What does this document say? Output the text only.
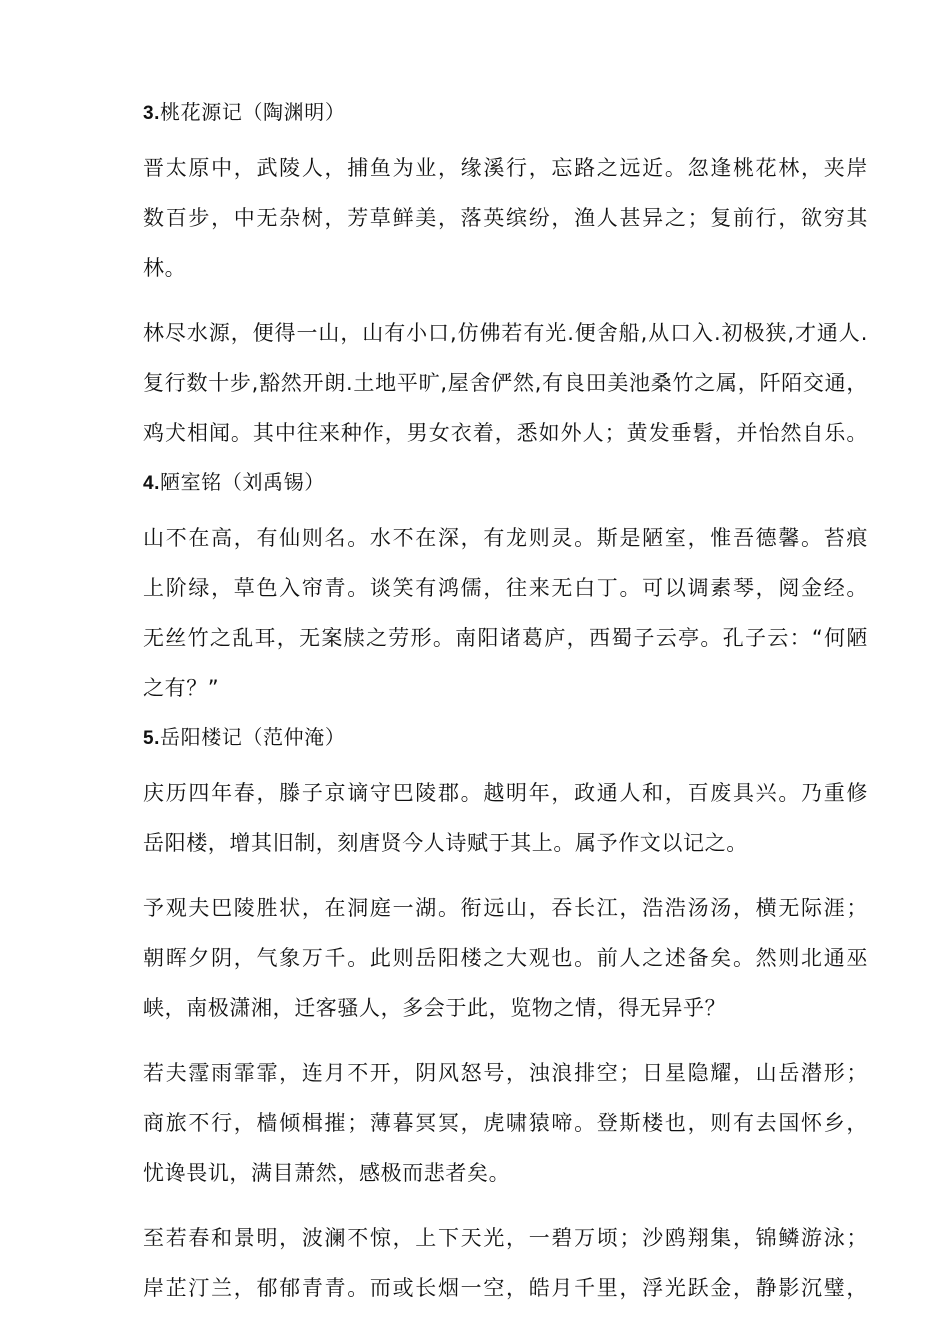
3.桃花源记（陶渊明）
晋太原中，武陵人，捕鱼为业，缘溪行，忘路之远近。忽逢桃花林，夹岸
数百步，中无杂树，芳草鲜美，落英缤纷，渔人甚异之；复前行，欲穷其
林。
林尽水源，便得一山，山有小口,仿佛若有光.便舍船,从口入.初极狭,才通人.
复行数十步,豁然开朗.土地平旷,屋舍俨然,有良田美池桑竹之属，阡陌交通，
鸡犬相闻。其中往来种作，男女衣着，悉如外人；黄发垂髫，并怡然自乐。
4.陋室铭（刘禹锡）
山不在高，有仙则名。水不在深，有龙则灵。斯是陋室，惟吾德馨。苔痕
上阶绿，草色入帘青。谈笑有鸿儒，往来无白丁。可以调素琴，阅金经。
无丝竹之乱耳，无案牍之劳形。南阳诸葛庐，西蜀子云亭。孔子云：“何陋
之有？”
5.岳阳楼记（范仲淹）
庆历四年春，滕子京谪守巴陵郡。越明年，政通人和，百废具兴。乃重修
岳阳楼，增其旧制，刻唐贤今人诗赋于其上。属予作文以记之。
予观夫巴陵胜状，在洞庭一湖。衔远山，吞长江，浩浩汤汤，横无际涯；
朝晖夕阴，气象万千。此则岳阳楼之大观也。前人之述备矣。然则北通巫
峡，南极潇湘，迁客骚人，多会于此，览物之情，得无异乎？
若夫霪雨霏霏，连月不开，阴风怒号，浊浪排空；日星隐耀，山岳潜形；
商旅不行，樯倾楫摧；薄暮冥冥，虎啸猿啼。登斯楼也，则有去国怀乡，
忧谗畏讥，满目萧然，感极而悲者矣。
至若春和景明，波澜不惊，上下天光，一碧万顷；沙鸥翔集，锦鳞游泳；
岸芷汀兰，郁郁青青。而或长烟一空，皓月千里，浮光跃金，静影沉璧，
